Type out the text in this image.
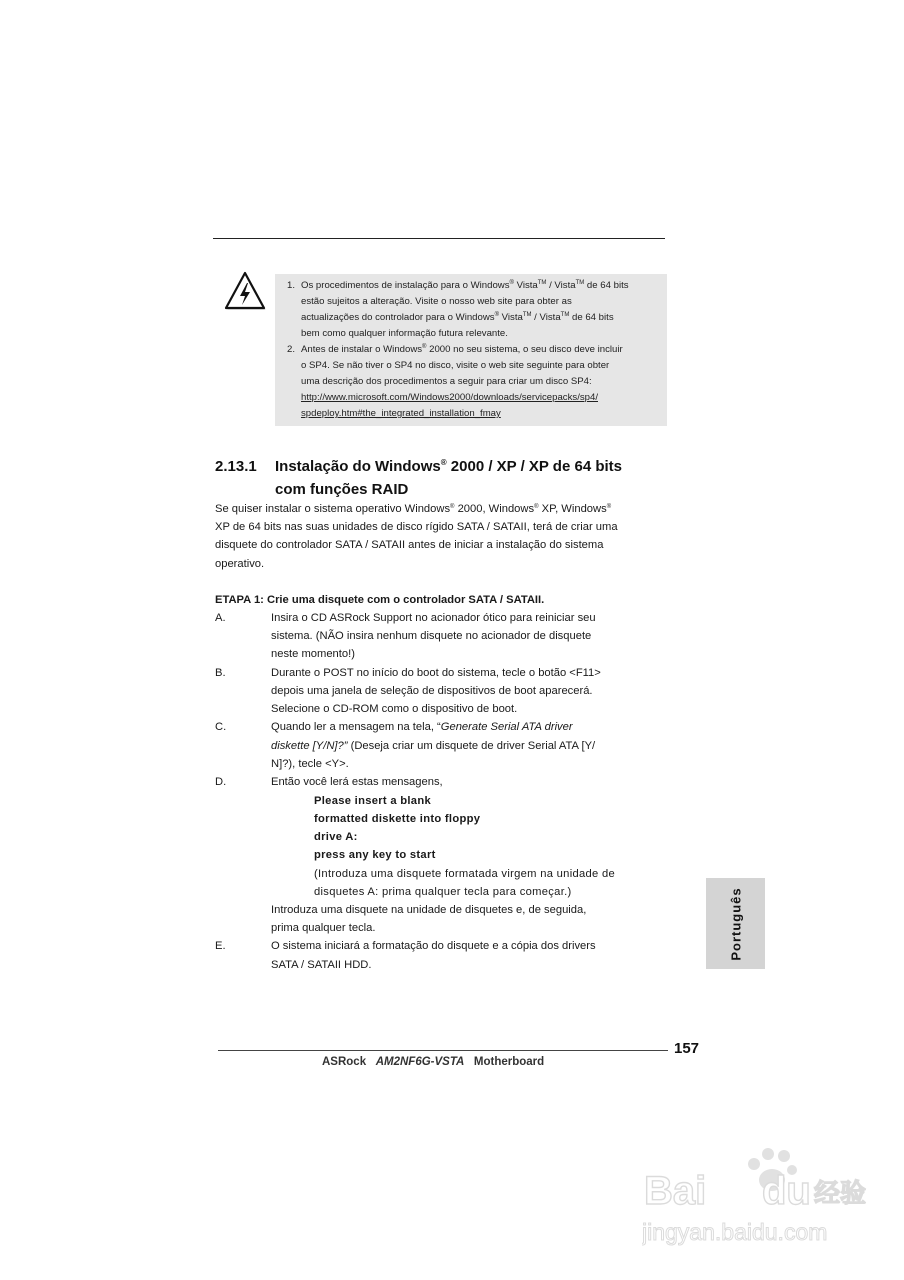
1. Os procedimentos de instalação para o Windows® Vista™ / Vista™ de 64 bits
estão sujeitos a alteração. Visite o nosso web site para obter as
actualizações do controlador para o Windows® Vista™ / Vista™ de 64 bits
bem como qualquer informação futura relevante.
2. Antes de instalar o Windows® 2000 no seu sistema, o seu disco deve incluir
o SP4. Se não tiver o SP4 no disco, visite o web site seguinte para obter
uma descrição dos procedimentos a seguir para criar um disco SP4:
http://www.microsoft.com/Windows2000/downloads/servicepacks/sp4/
spdeploy.htm#the_integrated_installation_fmay
2.13.1 Instalação do Windows® 2000 / XP / XP de 64 bits
com funções RAID
Se quiser instalar o sistema operativo Windows® 2000, Windows® XP, Windows®
XP de 64 bits nas suas unidades de disco rígido SATA / SATAII, terá de criar uma
disquete do controlador SATA / SATAII antes de iniciar a instalação do sistema
operativo.
ETAPA 1: Crie uma disquete com o controlador SATA / SATAII.
A.	Insira o CD ASRock Support no acionador ótico para reiniciar seu
sistema. (NÃO insira nenhum disquete no acionador de disquete
neste momento!)
B.	Durante o POST no início do boot do sistema, tecle o botão <F11>
depois uma janela de seleção de dispositivos de boot aparecerá.
Selecione o CD-ROM como o dispositivo de boot.
C.	Quando ler a mensagem na tela, “Generate Serial ATA driver
diskette [Y/N]?” (Deseja criar um disquete de driver Serial ATA [Y/
N]?), tecle <Y>.
D.	Então você lerá estas mensagens,
Please insert a blank
formatted diskette into floppy
drive A:
press any key to start
(Introduza uma disquete formatada virgem na unidade de
disquetes A: prima qualquer tecla para começar.)
Introduza uma disquete na unidade de disquetes e, de seguida,
prima qualquer tecla.
E.	O sistema iniciará a formatação do disquete e a cópia dos drivers
SATA / SATAII HDD.
Português
157
ASRock AM2NF6G-VSTA Motherboard
Bai du 经验
jingyan.baidu.com
